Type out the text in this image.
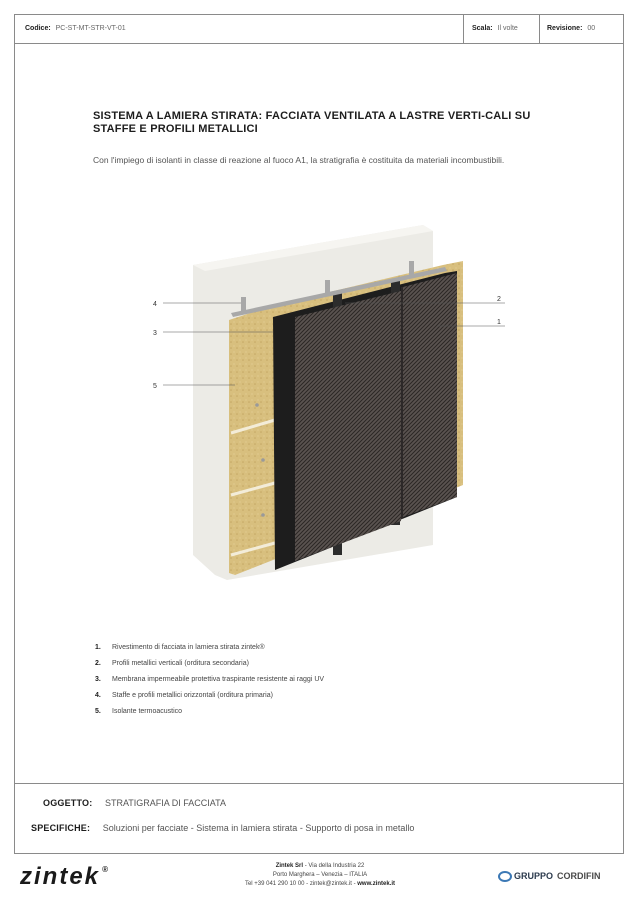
Codice: PC-ST-MT-STR-VT-01	Scala: Il volte	Revisione: 00
SISTEMA A LAMIERA STIRATA: FACCIATA VENTILATA A LASTRE VERTI-CALI SU STAFFE E PROFILI METALLICI
Con l'impiego di isolanti in classe di reazione al fuoco A1, la stratigrafia è costituita da materiali incombustibili.
4
3
5
2
1
1. Rivestimento di facciata in lamiera stirata zintek®
2. Profili metallici verticali (orditura secondaria)
3. Membrana impermeabile protettiva traspirante resistente ai raggi UV
4. Staffe e profili metallici orizzontali (orditura primaria)
5. Isolante termoacustico
OGGETTO: STRATIGRAFIA DI FACCIATA
SPECIFICHE: Soluzioni per facciate - Sistema in lamiera stirata - Supporto di posa in metallo
zintek ®	Zintek Srl - Via della Industria 22
Porto Marghera – Venezia – ITALIA
Tel +39 041 290 10 00 - zintek@zintek.it - www.zintek.it
GRUPPO CORDIFIN
